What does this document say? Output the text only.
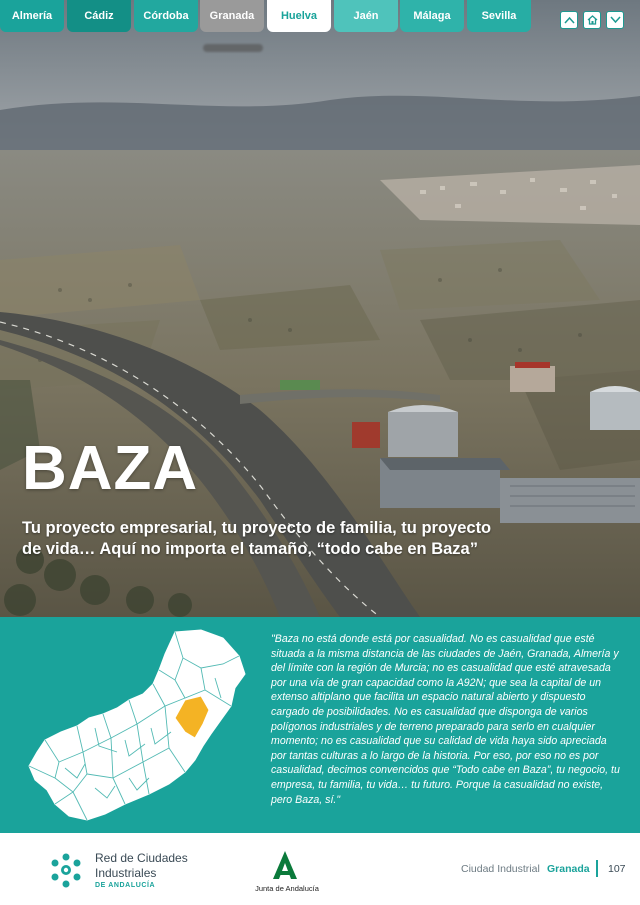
Almería	Cádiz	Córdoba	Granada	Huelva	Jaén	Málaga	Sevilla
BAZA
Tu proyecto empresarial, tu proyecto de familia, tu proyecto de vida… Aquí no importa el tamaño, “todo cabe en Baza”
"Baza no está donde está por casualidad. No es casualidad que esté situada a la misma distancia de las ciudades de Jaén, Granada, Almería y del límite con la región de Murcia; no es casualidad que esté atravesada por una vía de gran capacidad como la A92N; que sea la capital de un extenso altiplano que facilita un espacio natural abierto y dispuesto cargado de posibilidades. No es casualidad que disponga de varios polígonos industriales y de terreno preparado para serlo en cualquier momento; no es casualidad que su calidad de vida haya sido apreciada por tantas culturas a lo largo de la historia. Por eso, por eso no es por casualidad, decimos convencidos que “Todo cabe en Baza”, tu negocio, tu empresa, tu familia, tu vida… tu futuro. Porque la casualidad no existe, pero Baza, sí."
Red de Ciudades
Industriales
DE ANDALUCÍA	Junta de Andalucía
Ciudad Industrial Granada 107
